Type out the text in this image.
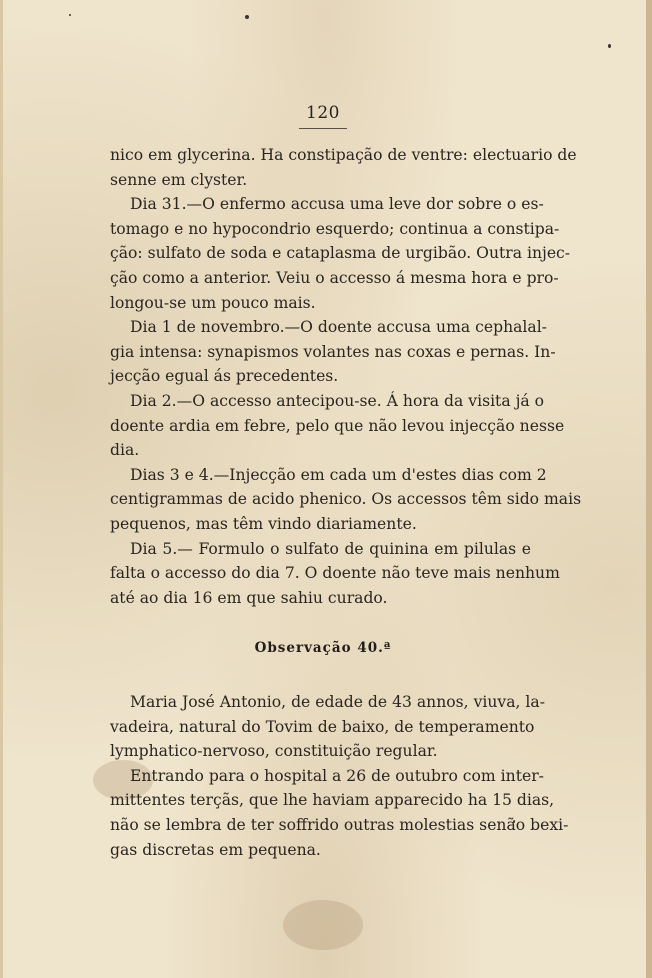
120
nico em glycerina. Ha constipação de ventre: electuario de
senne em clyster.
Dia 31.—O enfermo accusa uma leve dor sobre o es-
tomago e no hypocondrio esquerdo; continua a constipa-
ção: sulfato de soda e cataplasma de urgibão. Outra injec-
ção como a anterior. Veiu o accesso á mesma hora e pro-
longou-se um pouco mais.
Dia 1 de novembro.—O doente accusa uma cephalal-
gia intensa: synapismos volantes nas coxas e pernas. In-
jecção egual ás precedentes.
Dia 2.—O accesso antecipou-se. Á hora da visita já o
doente ardia em febre, pelo que não levou injecção nesse
dia.
Dias 3 e 4.—Injecção em cada um d'estes dias com 2
centigrammas de acido phenico. Os accessos têm sido mais
pequenos, mas têm vindo diariamente.
Dia 5.— Formulo o sulfato de quinina em pilulas e
falta o accesso do dia 7. O doente não teve mais nenhum
até ao dia 16 em que sahiu curado.
Observação 40.ª
Maria José Antonio, de edade de 43 annos, viuva, la-
vadeira, natural do Tovim de baixo, de temperamento
lymphatico-nervoso, constituição regular.
Entrando para o hospital a 26 de outubro com inter-
mittentes terçãs, que lhe haviam apparecido ha 15 dias,
não se lembra de ter soffrido outras molestias senão bexi-
gas discretas em pequena.
